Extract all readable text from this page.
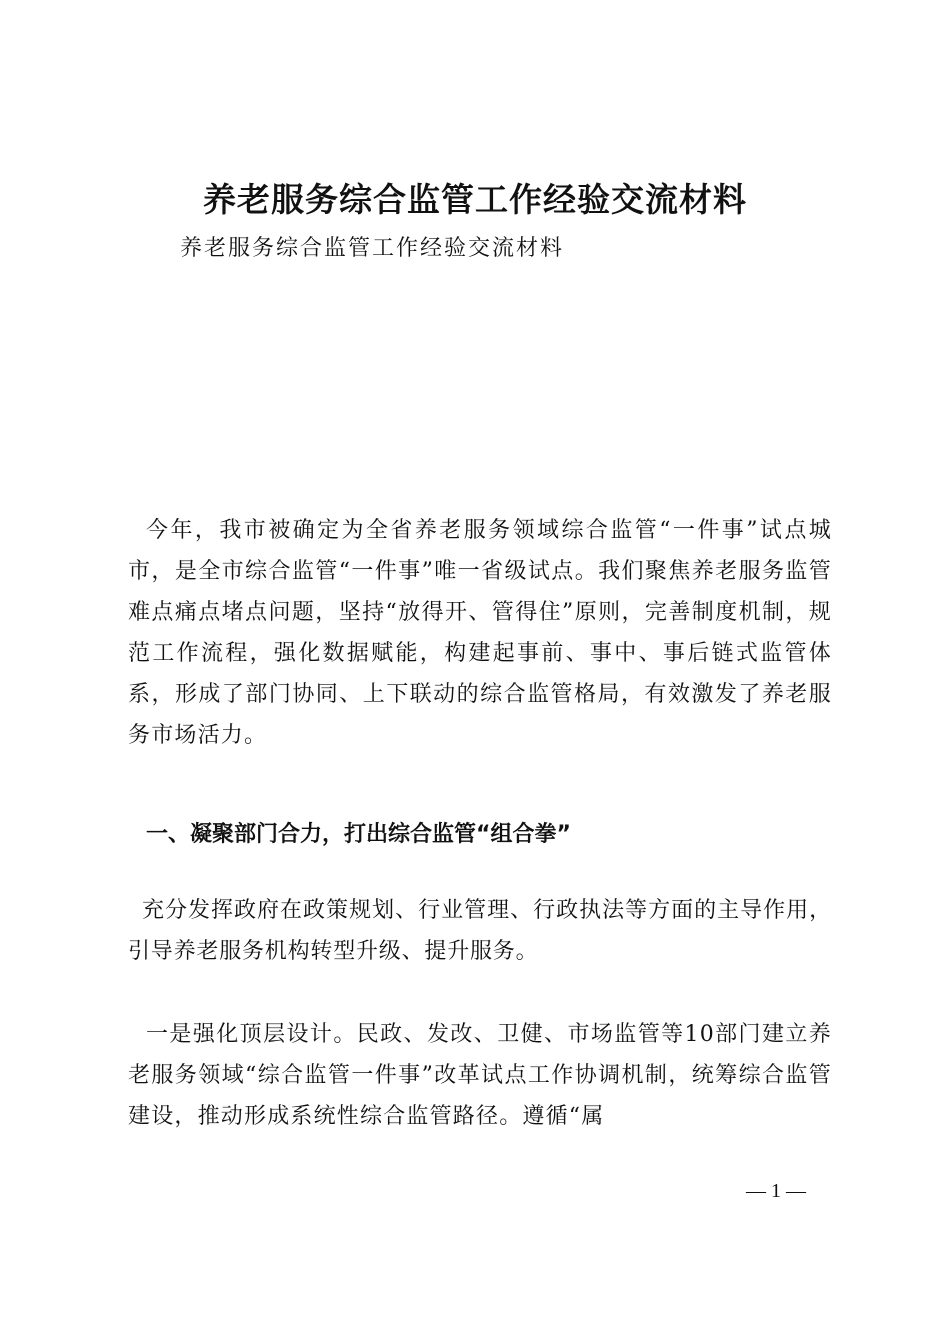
养老服务综合监管工作经验交流材料

养老服务综合监管工作经验交流材料

今年，我市被确定为全省养老服务领域综合监管“一件事”试点城市，是全市综合监管“一件事”唯一省级试点。我们聚焦养老服务监管难点痛点堵点问题，坚持“放得开、管得住”原则，完善制度机制，规范工作流程，强化数据赋能，构建起事前、事中、事后链式监管体系，形成了部门协同、上下联动的综合监管格局，有效激发了养老服务市场活力。

一、凝聚部门合力，打出综合监管“组合拳”

充分发挥政府在政策规划、行业管理、行政执法等方面的主导作用，引导养老服务机构转型升级、提升服务。

一是强化顶层设计。民政、发改、卫健、市场监管等10部门建立养老服务领域“综合监管一件事”改革试点工作协调机制，统筹综合监管建设，推动形成系统性综合监管路径。遵循“属

— 1 —
